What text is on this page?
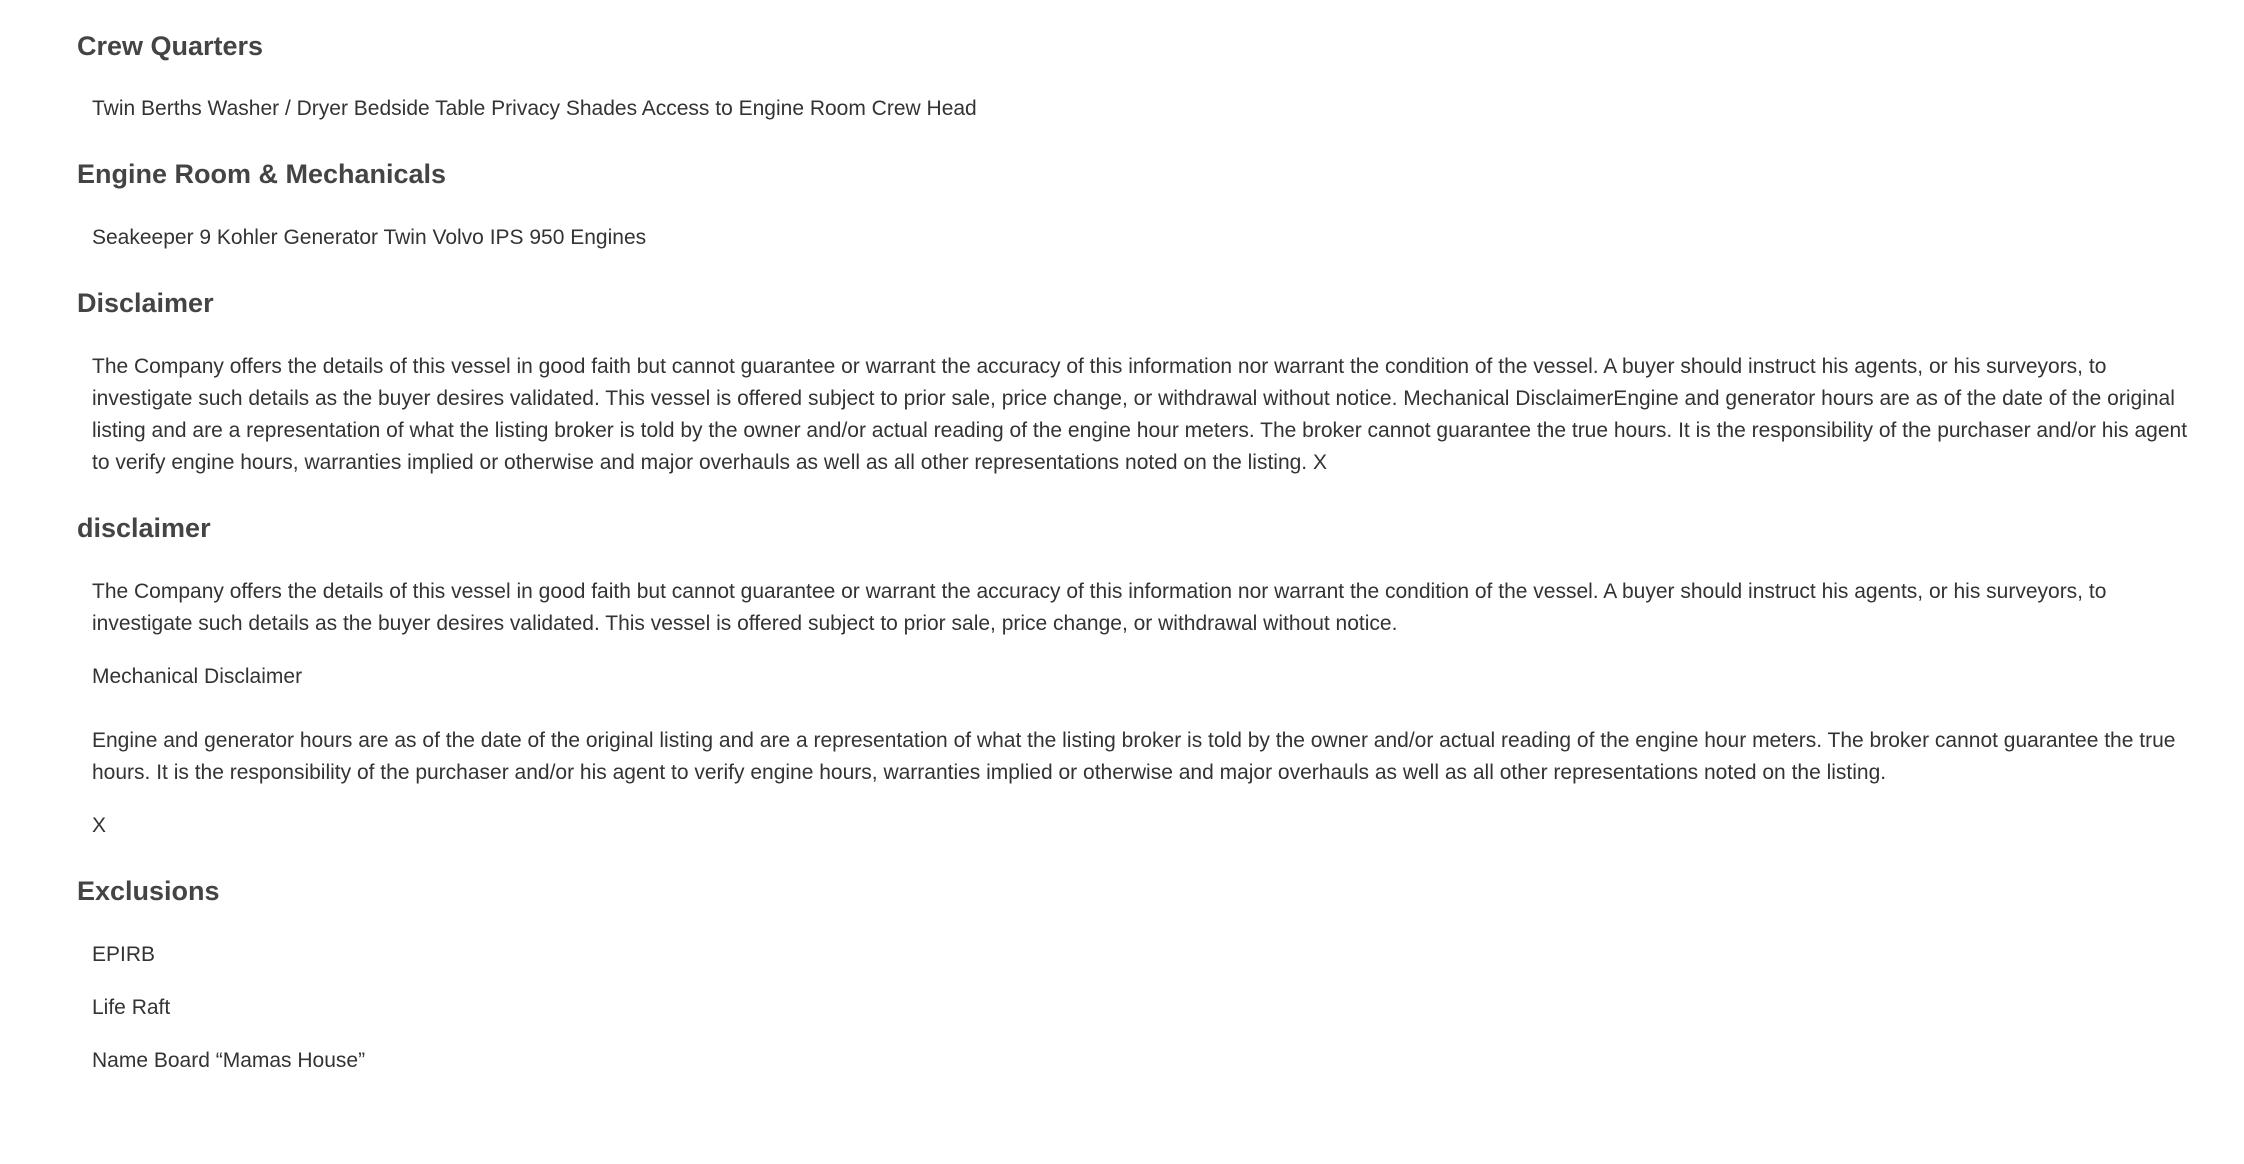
Crew Quarters

Twin Berths Washer / Dryer Bedside Table Privacy Shades Access to Engine Room Crew Head

Engine Room & Mechanicals

Seakeeper 9 Kohler Generator Twin Volvo IPS 950 Engines

Disclaimer

The Company offers the details of this vessel in good faith but cannot guarantee or warrant the accuracy of this information nor warrant the condition of the vessel. A buyer should instruct his agents, or his surveyors, to investigate such details as the buyer desires validated. This vessel is offered subject to prior sale, price change, or withdrawal without notice. Mechanical DisclaimerEngine and generator hours are as of the date of the original listing and are a representation of what the listing broker is told by the owner and/or actual reading of the engine hour meters. The broker cannot guarantee the true hours. It is the responsibility of the purchaser and/or his agent to verify engine hours, warranties implied or otherwise and major overhauls as well as all other representations noted on the listing. X

disclaimer

The Company offers the details of this vessel in good faith but cannot guarantee or warrant the accuracy of this information nor warrant the condition of the vessel. A buyer should instruct his agents, or his surveyors, to investigate such details as the buyer desires validated. This vessel is offered subject to prior sale, price change, or withdrawal without notice.

Mechanical Disclaimer

Engine and generator hours are as of the date of the original listing and are a representation of what the listing broker is told by the owner and/or actual reading of the engine hour meters. The broker cannot guarantee the true hours. It is the responsibility of the purchaser and/or his agent to verify engine hours, warranties implied or otherwise and major overhauls as well as all other representations noted on the listing.

X

Exclusions

EPIRB

Life Raft

Name Board “Mamas House”
